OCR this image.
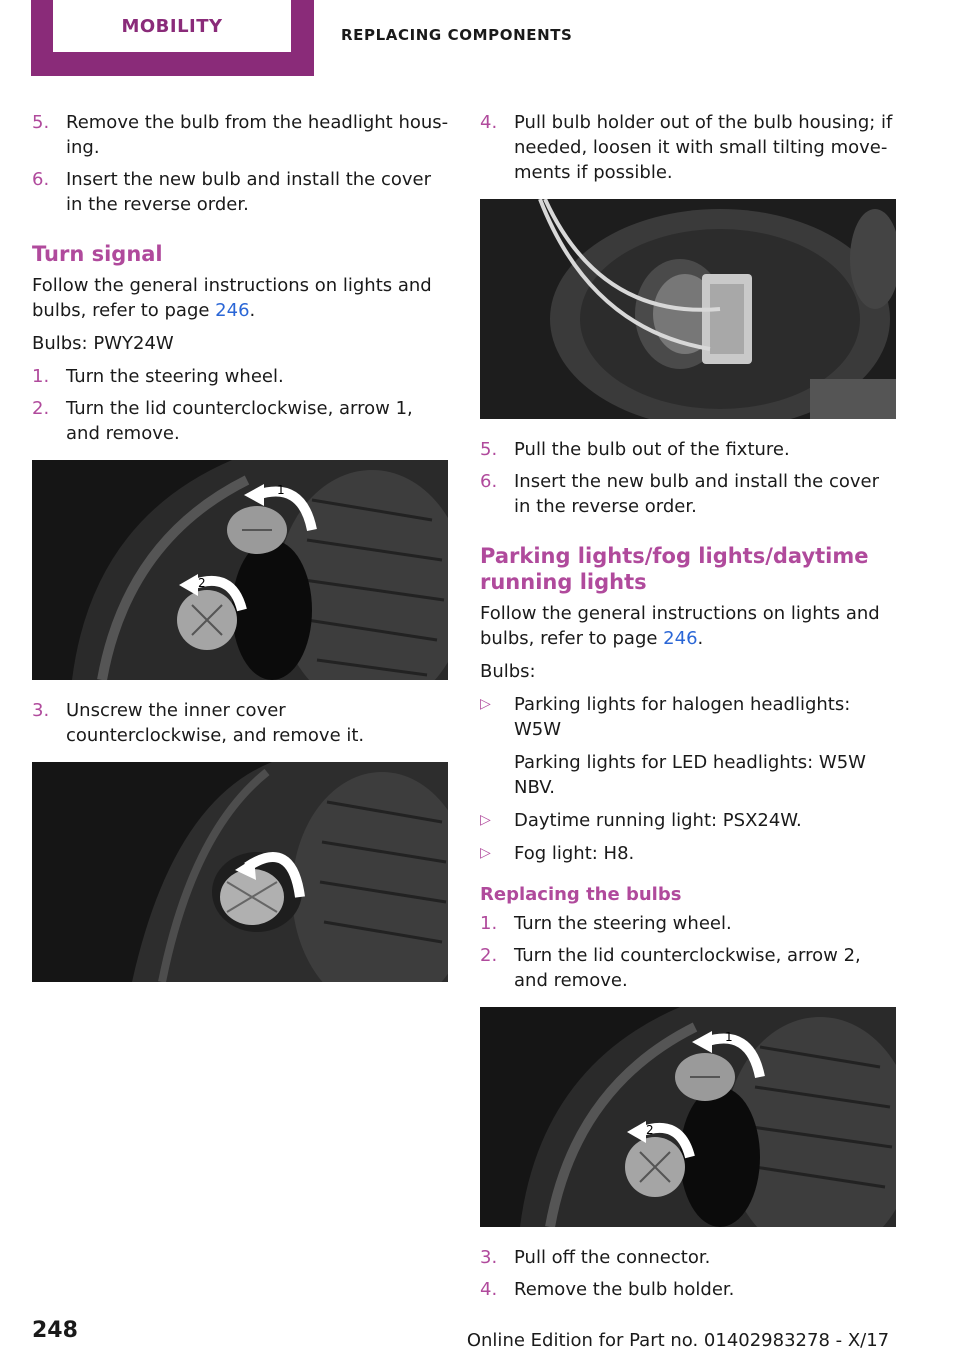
MOBILITY	REPLACING COMPONENTS
5. Remove the bulb from the headlight hous‐ing.
6. Insert the new bulb and install the cover in the reverse order.
Turn signal

Follow the general instructions on lights and bulbs, refer to page 246.

Bulbs: PWY24W

1. Turn the steering wheel.
2. Turn the lid counterclockwise, arrow 1, and remove.
1
2
3. Unscrew the inner cover counterclockwise, and remove it.
4. Pull bulb holder out of the bulb housing; if needed, loosen it with small tilting move‐ments if possible.
5. Pull the bulb out of the fixture.
6. Insert the new bulb and install the cover in the reverse order.
Parking lights/fog lights/daytime running lights

Follow the general instructions on lights and bulbs, refer to page 246.

Bulbs:

▷	Parking lights for halogen headlights: W5W
Parking lights for LED headlights: W5W NBV.
▷	Daytime running light: PSX24W.
▷	Fog light: H8.
Replacing the bulbs
1. Turn the steering wheel.
2. Turn the lid counterclockwise, arrow 2, and remove.
1
2
3. Pull off the connector.
4. Remove the bulb holder.
248	Online Edition for Part no. 01402983278 - X/17
